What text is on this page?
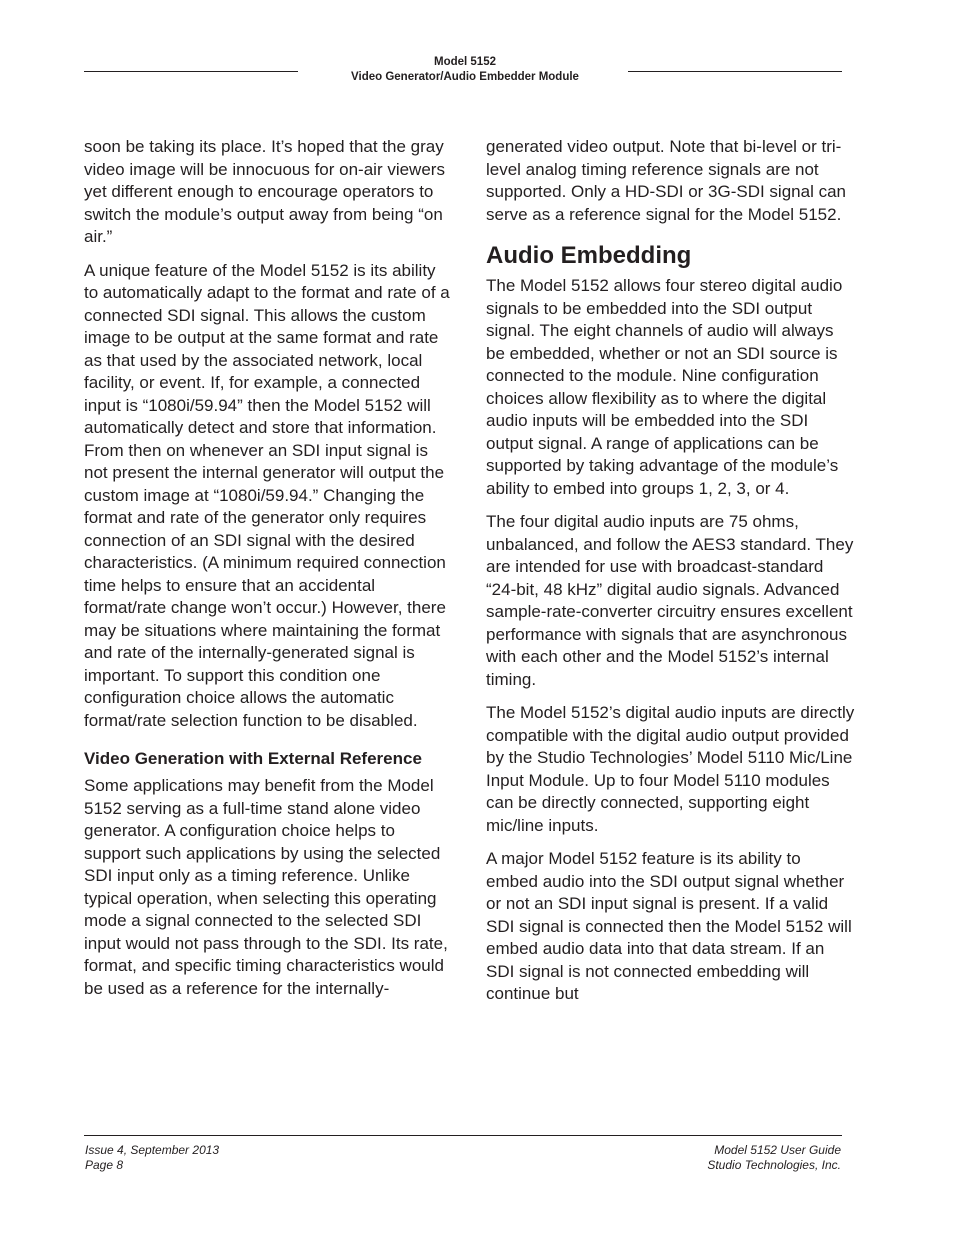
Model 5152
Video Generator/Audio Embedder Module

soon be taking its place. It’s hoped that the gray video image will be innocuous for on-air viewers yet different enough to encourage operators to switch the module’s output away from being “on air.”

A unique feature of the Model 5152 is its ability to automatically adapt to the format and rate of a connected SDI signal. This allows the custom image to be output at the same format and rate as that used by the associated network, local facility, or event. If, for example, a connected input is “1080i/59.94” then the Model 5152 will automatically detect and store that information. From then on whenever an SDI input signal is not present the internal generator will output the custom image at “1080i/59.94.” Changing the format and rate of the generator only requires connection of an SDI signal with the desired characteristics. (A minimum required connection time helps to ensure that an accidental format/rate change won’t occur.) However, there may be situations where maintaining the format and rate of the internally-generated signal is important. To support this condition one configuration choice allows the automatic format/rate selection function to be disabled.

Video Generation with External Reference

Some applications may benefit from the Model 5152 serving as a full-time stand alone video generator. A configuration choice helps to support such applications by using the selected SDI input only as a timing reference. Unlike typical operation, when selecting this operating mode a signal connected to the selected SDI input would not pass through to the SDI. Its rate, format, and specific timing characteristics would be used as a reference for the internally-

generated video output. Note that bi-level or tri-level analog timing reference signals are not supported. Only a HD-SDI or 3G-SDI signal can serve as a reference signal for the Model 5152.

Audio Embedding

The Model 5152 allows four stereo digital audio signals to be embedded into the SDI output signal. The eight channels of audio will always be embedded, whether or not an SDI source is connected to the module. Nine configuration choices allow flexibility as to where the digital audio inputs will be embedded into the SDI output signal. A range of applications can be supported by taking advantage of the module’s ability to embed into groups 1, 2, 3, or 4.

The four digital audio inputs are 75 ohms, unbalanced, and follow the AES3 standard. They are intended for use with broadcast-standard “24-bit, 48 kHz” digital audio signals. Advanced sample-rate-converter circuitry ensures excellent performance with signals that are asynchronous with each other and the Model 5152’s internal timing.

The Model 5152’s digital audio inputs are directly compatible with the digital audio output provided by the Studio Technologies’ Model 5110 Mic/Line Input Module. Up to four Model 5110 modules can be directly connected, supporting eight mic/line inputs.

A major Model 5152 feature is its ability to embed audio into the SDI output signal whether or not an SDI input signal is present. If a valid SDI signal is connected then the Model 5152 will embed audio data into that data stream. If an SDI signal is not connected embedding will continue but

Issue 4, September 2013
Page 8
Model 5152 User Guide
Studio Technologies, Inc.
